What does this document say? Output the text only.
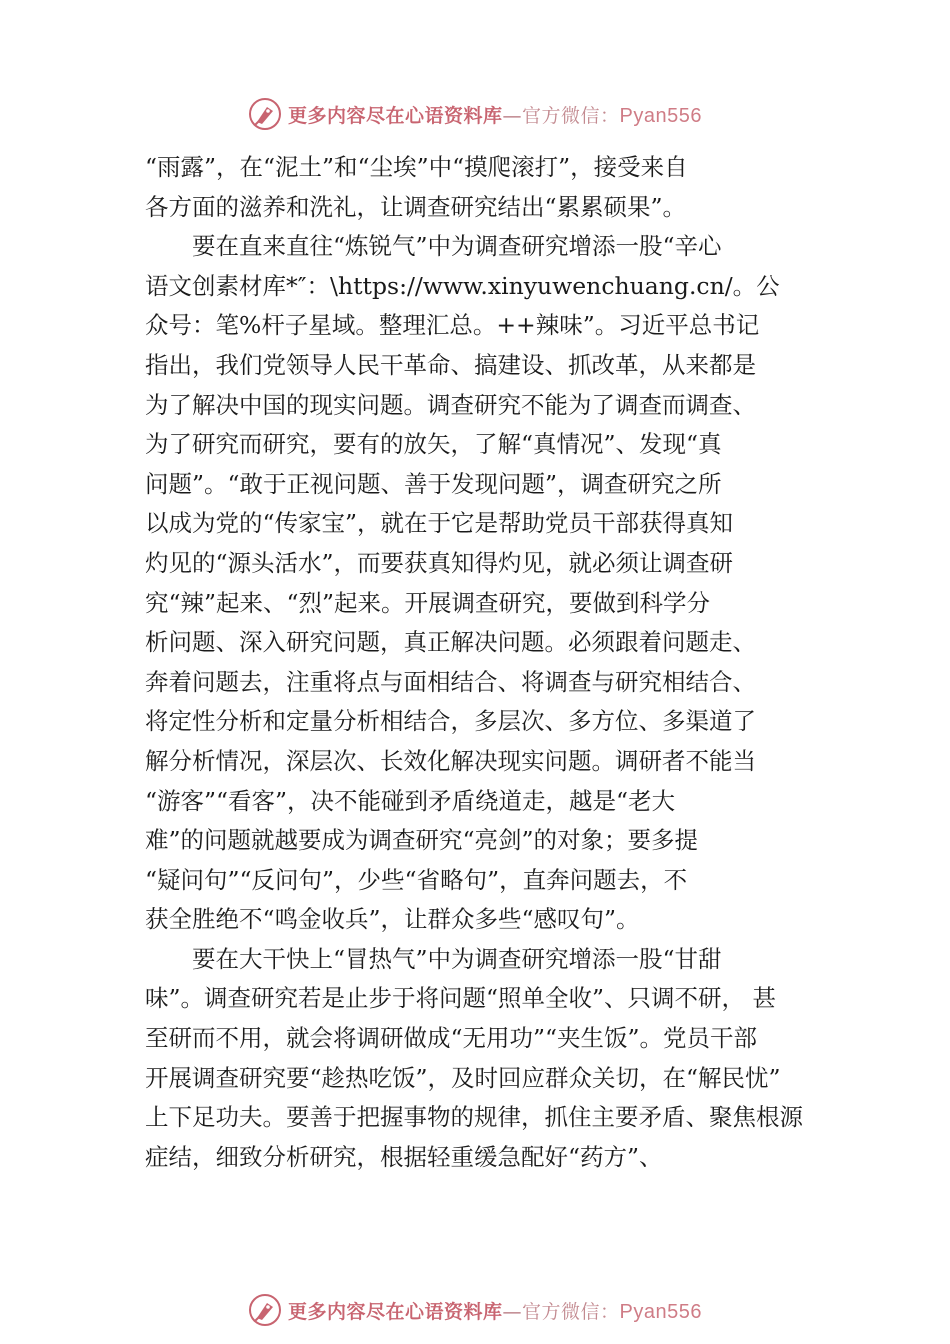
更多内容尽在心语资料库—官方微信：Pyan556
“雨露”，在“泥土”和“尘埃”中“摸爬滚打”，接受来自
各方面的滋养和洗礼，让调查研究结出“累累硕果”。
　　要在直来直往“炼锐气”中为调查研究增添一股“辛心
语文创素材库*″：\https://www.xinyuwenchuang.cn/。公
众号：笔%杆子星域。整理汇总。++辣味”。习近平总书记
指出，我们党领导人民干革命、搞建设、抓改革，从来都是
为了解决中国的现实问题。调查研究不能为了调查而调查、
为了研究而研究，要有的放矢，了解“真情况”、发现“真
问题”。“敢于正视问题、善于发现问题”，调查研究之所
以成为党的“传家宝”，就在于它是帮助党员干部获得真知
灼见的“源头活水”，而要获真知得灼见，就必须让调查研
究“辣”起来、“烈”起来。开展调查研究，要做到科学分
析问题、深入研究问题，真正解决问题。必须跟着问题走、
奔着问题去，注重将点与面相结合、将调查与研究相结合、
将定性分析和定量分析相结合，多层次、多方位、多渠道了
解分析情况，深层次、长效化解决现实问题。调研者不能当
“游客”“看客”，决不能碰到矛盾绕道走，越是“老大
难”的问题就越要成为调查研究“亮剑”的对象；要多提
“疑问句”“反问句”，少些“省略句”，直奔问题去，不
获全胜绝不“鸣金收兵”，让群众多些“感叹句”。
　　要在大干快上“冒热气”中为调查研究增添一股“甘甜
味”。调查研究若是止步于将问题“照单全收”、只调不研， 甚
至研而不用，就会将调研做成“无用功”“夹生饭”。党员干部
开展调查研究要“趁热吃饭”，及时回应群众关切，在“解民忧”
上下足功夫。要善于把握事物的规律，抓住主要矛盾、聚焦根源
症结，细致分析研究，根据轻重缓急配好“药方”、
更多内容尽在心语资料库—官方微信：Pyan556
